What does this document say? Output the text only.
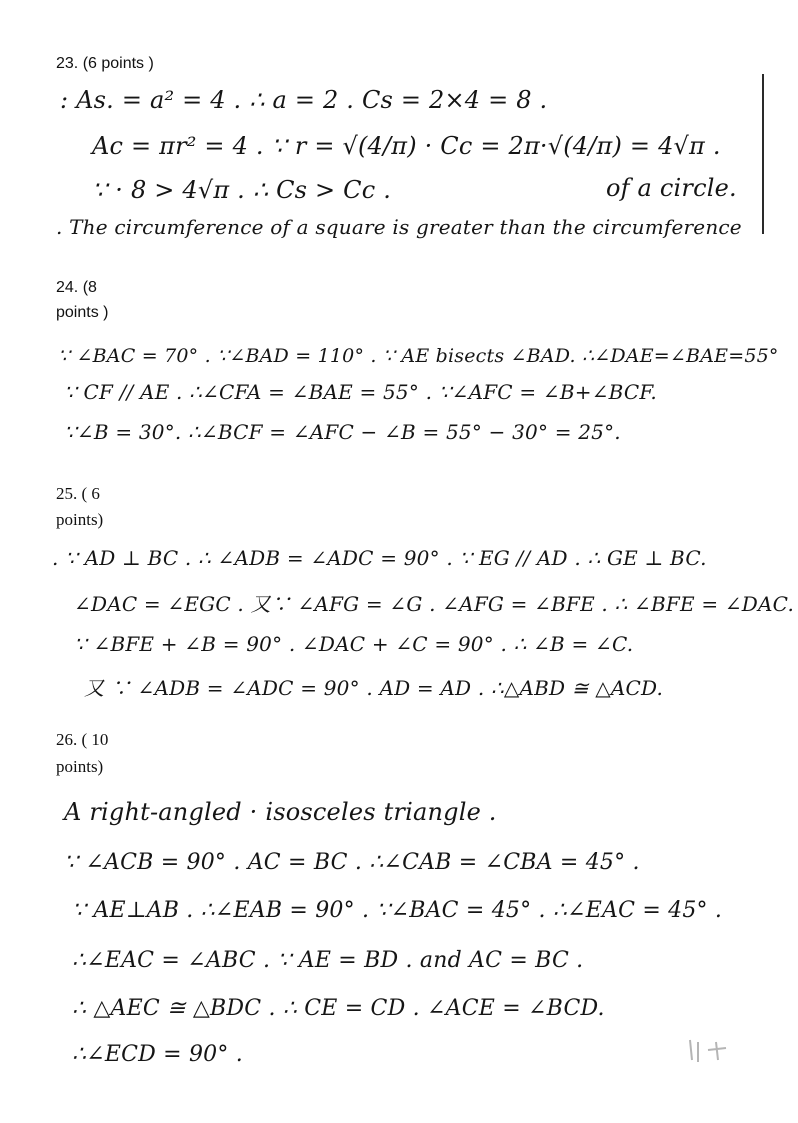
23. (6 points )
: As. = a² = 4 . ∴ a = 2 . Cs = 2×4 = 8 .
Ac = πr² = 4 . ∵ r = √(4/π) · Cc = 2π·√(4/π) = 4√π .
∵ · 8 > 4√π . ∴ Cs > Cc .	of a circle.
. The circumference of a square is greater than the circumference
24. (8
points )
∵ ∠BAC = 70° . ∵∠BAD = 110° . ∵ AE bisects ∠BAD. ∴∠DAE=∠BAE=55°
∵ CF // AE . ∴∠CFA = ∠BAE = 55° . ∵∠AFC = ∠B+∠BCF.
∵∠B = 30°. ∴∠BCF = ∠AFC − ∠B = 55° − 30° = 25°.
25. ( 6
points)
. ∵ AD ⊥ BC . ∴ ∠ADB = ∠ADC = 90° . ∵ EG // AD . ∴ GE ⊥ BC.
∠DAC = ∠EGC . 又∵ ∠AFG = ∠G . ∠AFG = ∠BFE . ∴ ∠BFE = ∠DAC.
∵ ∠BFE + ∠B = 90° . ∠DAC + ∠C = 90° . ∴ ∠B = ∠C.
又 ∵ ∠ADB = ∠ADC = 90° . AD = AD . ∴△ABD ≅ △ACD.
26. ( 10
points)
A right-angled · isosceles triangle .
∵ ∠ACB = 90° . AC = BC . ∴∠CAB = ∠CBA = 45° .
∵ AE⊥AB . ∴∠EAB = 90° . ∵∠BAC = 45° . ∴∠EAC = 45° .
∴∠EAC = ∠ABC . ∵ AE = BD . and AC = BC .
∴ △AEC ≅ △BDC . ∴ CE = CD . ∠ACE = ∠BCD.
∴∠ECD = 90° .
